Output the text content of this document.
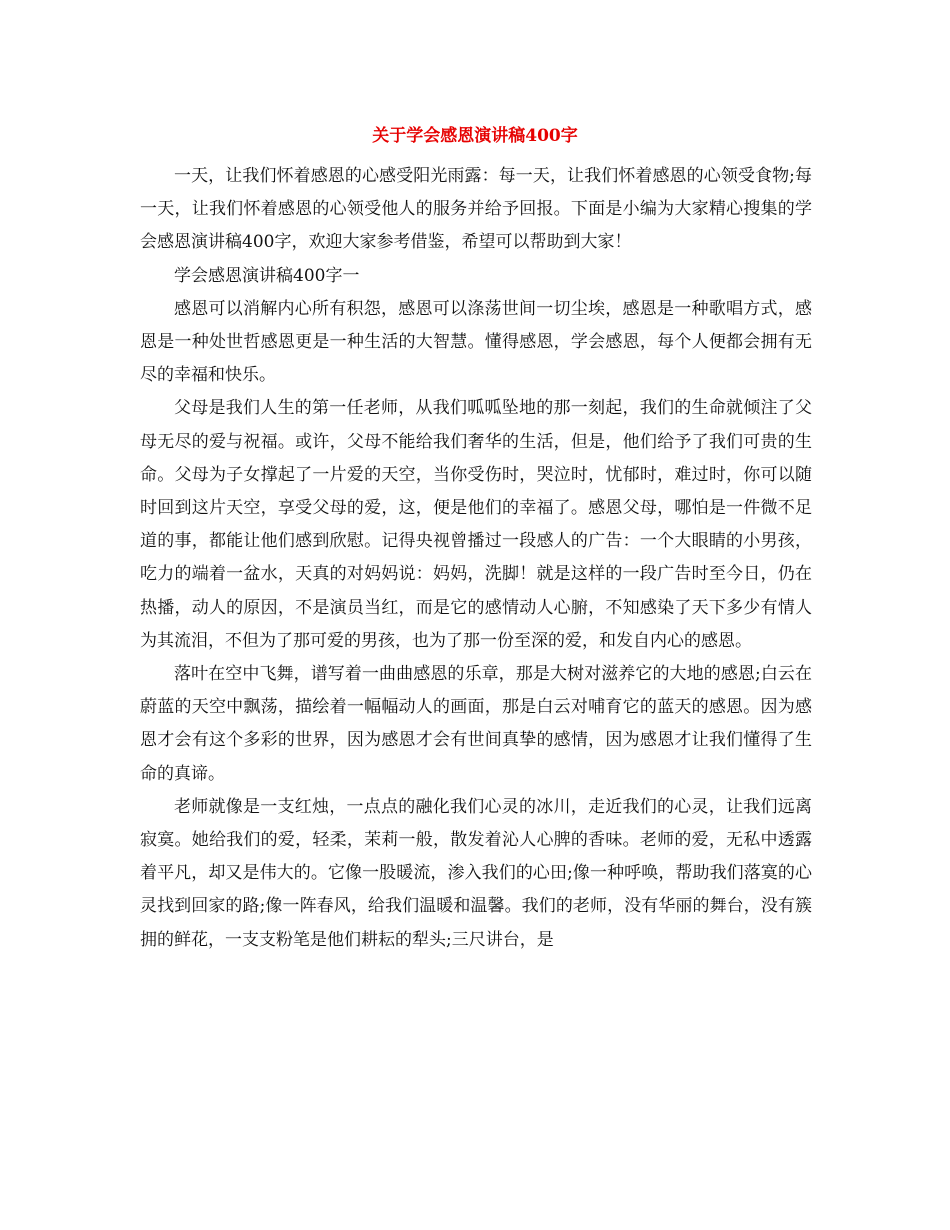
关于学会感恩演讲稿400字

一天，让我们怀着感恩的心感受阳光雨露：每一天，让我们怀着感恩的心领受食物;每一天，让我们怀着感恩的心领受他人的服务并给予回报。下面是小编为大家精心搜集的学会感恩演讲稿400字，欢迎大家参考借鉴，希望可以帮助到大家！

学会感恩演讲稿400字一

感恩可以消解内心所有积怨，感恩可以涤荡世间一切尘埃，感恩是一种歌唱方式，感恩是一种处世哲感恩更是一种生活的大智慧。懂得感恩，学会感恩，每个人便都会拥有无尽的幸福和快乐。

父母是我们人生的第一任老师，从我们呱呱坠地的那一刻起，我们的生命就倾注了父母无尽的爱与祝福。或许，父母不能给我们奢华的生活，但是，他们给予了我们可贵的生命。父母为子女撑起了一片爱的天空，当你受伤时，哭泣时，忧郁时，难过时，你可以随时回到这片天空，享受父母的爱，这，便是他们的幸福了。感恩父母，哪怕是一件微不足道的事，都能让他们感到欣慰。记得央视曾播过一段感人的广告：一个大眼睛的小男孩，吃力的端着一盆水，天真的对妈妈说：妈妈，洗脚！就是这样的一段广告时至今日，仍在热播，动人的原因，不是演员当红，而是它的感情动人心腑，不知感染了天下多少有情人为其流泪，不但为了那可爱的男孩，也为了那一份至深的爱，和发自内心的感恩。

落叶在空中飞舞，谱写着一曲曲感恩的乐章，那是大树对滋养它的大地的感恩;白云在蔚蓝的天空中飘荡，描绘着一幅幅动人的画面，那是白云对哺育它的蓝天的感恩。因为感恩才会有这个多彩的世界，因为感恩才会有世间真挚的感情，因为感恩才让我们懂得了生命的真谛。

老师就像是一支红烛，一点点的融化我们心灵的冰川，走近我们的心灵，让我们远离寂寞。她给我们的爱，轻柔，茉莉一般，散发着沁人心脾的香味。老师的爱，无私中透露着平凡，却又是伟大的。它像一股暖流，渗入我们的心田;像一种呼唤，帮助我们落寞的心灵找到回家的路;像一阵春风，给我们温暖和温馨。我们的老师，没有华丽的舞台，没有簇拥的鲜花，一支支粉笔是他们耕耘的犁头;三尺讲台，是
